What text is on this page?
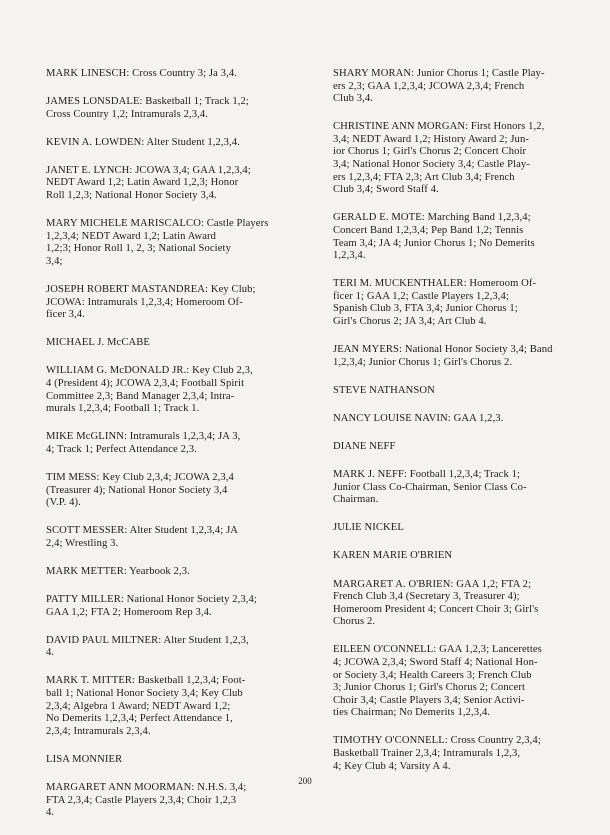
MARK LINESCH: Cross Country 3; Ja 3,4.

JAMES LONSDALE: Basketball 1; Track 1,2;
Cross Country 1,2; Intramurals 2,3,4.

KEVIN A. LOWDEN: Alter Student 1,2,3,4.

JANET E. LYNCH: JCOWA 3,4; GAA 1,2,3,4;
NEDT Award 1,2; Latin Award 1,2,3; Honor
Roll 1,2,3; National Honor Society 3,4.

MARY MICHELE MARISCALCO: Castle Players
1,2,3,4; NEDT Award 1,2; Latin Award
1,2;3; Honor Roll 1, 2, 3; National Society
3,4;

JOSEPH ROBERT MASTANDREA: Key Club;
JCOWA: Intramurals 1,2,3,4; Homeroom Of-
ficer 3,4.

MICHAEL J. McCABE

WILLIAM G. McDONALD JR.: Key Club 2,3,
4 (President 4); JCOWA 2,3,4; Football Spirit
Committee 2,3; Band Manager 2,3,4; Intra-
murals 1,2,3,4; Football 1; Track 1.

MIKE McGLINN: Intramurals 1,2,3,4; JA 3,
4; Track 1; Perfect Attendance 2,3.

TIM MESS: Key Club 2,3,4; JCOWA 2,3,4
(Treasurer 4); National Honor Society 3,4
(V.P. 4).

SCOTT MESSER: Alter Student 1,2,3,4; JA
2,4; Wrestling 3.

MARK METTER: Yearbook 2,3.

PATTY MILLER: National Honor Society 2,3,4;
GAA 1,2; FTA 2; Homeroom Rep 3,4.

DAVID PAUL MILTNER: Alter Student 1,2,3,
4.

MARK T. MITTER: Basketball 1,2,3,4; Foot-
ball 1; National Honor Society 3,4; Key Club
2,3,4; Algebra 1 Award; NEDT Award 1,2;
No Demerits 1,2,3,4; Perfect Attendance 1,
2,3,4; Intramurals 2,3,4.

LISA MONNIER

MARGARET ANN MOORMAN: N.H.S. 3,4;
FTA 2,3,4; Castle Players 2,3,4; Choir 1,2,3
4.

SHARY MORAN: Junior Chorus 1; Castle Play-
ers 2,3; GAA 1,2,3,4; JCOWA 2,3,4; French
Club 3,4.

CHRISTINE ANN MORGAN: First Honors 1,2,
3,4; NEDT Award 1,2; History Award 2; Jun-
ior Chorus 1; Girl's Chorus 2; Concert Choir
3,4; National Honor Society 3,4; Castle Play-
ers 1,2,3,4; FTA 2,3; Art Club 3,4; French
Club 3,4; Sword Staff 4.

GERALD E. MOTE: Marching Band 1,2,3,4;
Concert Band 1,2,3,4; Pep Band 1,2; Tennis
Team 3,4; JA 4; Junior Chorus 1; No Demerits
1,2,3,4.

TERI M. MUCKENTHALER: Homeroom Of-
ficer 1; GAA 1,2; Castle Players 1,2,3,4;
Spanish Club 3, FTA 3,4; Junior Chorus 1;
Girl's Chorus 2; JA 3,4; Art Club 4.

JEAN MYERS: National Honor Society 3,4; Band
1,2,3,4; Junior Chorus 1; Girl's Chorus 2.

STEVE NATHANSON

NANCY LOUISE NAVIN: GAA 1,2,3.

DIANE NEFF

MARK J. NEFF: Football 1,2,3,4; Track 1;
Junior Class Co-Chairman, Senior Class Co-
Chairman.

JULIE NICKEL

KAREN MARIE O'BRIEN

MARGARET A. O'BRIEN: GAA 1,2; FTA 2;
French Club 3,4 (Secretary 3, Treasurer 4);
Homeroom President 4; Concert Choir 3; Girl's
Chorus 2.

EILEEN O'CONNELL: GAA 1,2,3; Lancerettes
4; JCOWA 2,3,4; Sword Staff 4; National Hon-
or Society 3,4; Health Careers 3; French Club
3; Junior Chorus 1; Girl's Chorus 2; Concert
Choir 3,4; Castle Players 3,4; Senior Activi-
ties Chairman; No Demerits 1,2,3,4.

TIMOTHY O'CONNELL: Cross Country 2,3,4;
Basketball Trainer 2,3,4; Intramurals 1,2,3,
4; Key Club 4; Varsity A 4.

200
